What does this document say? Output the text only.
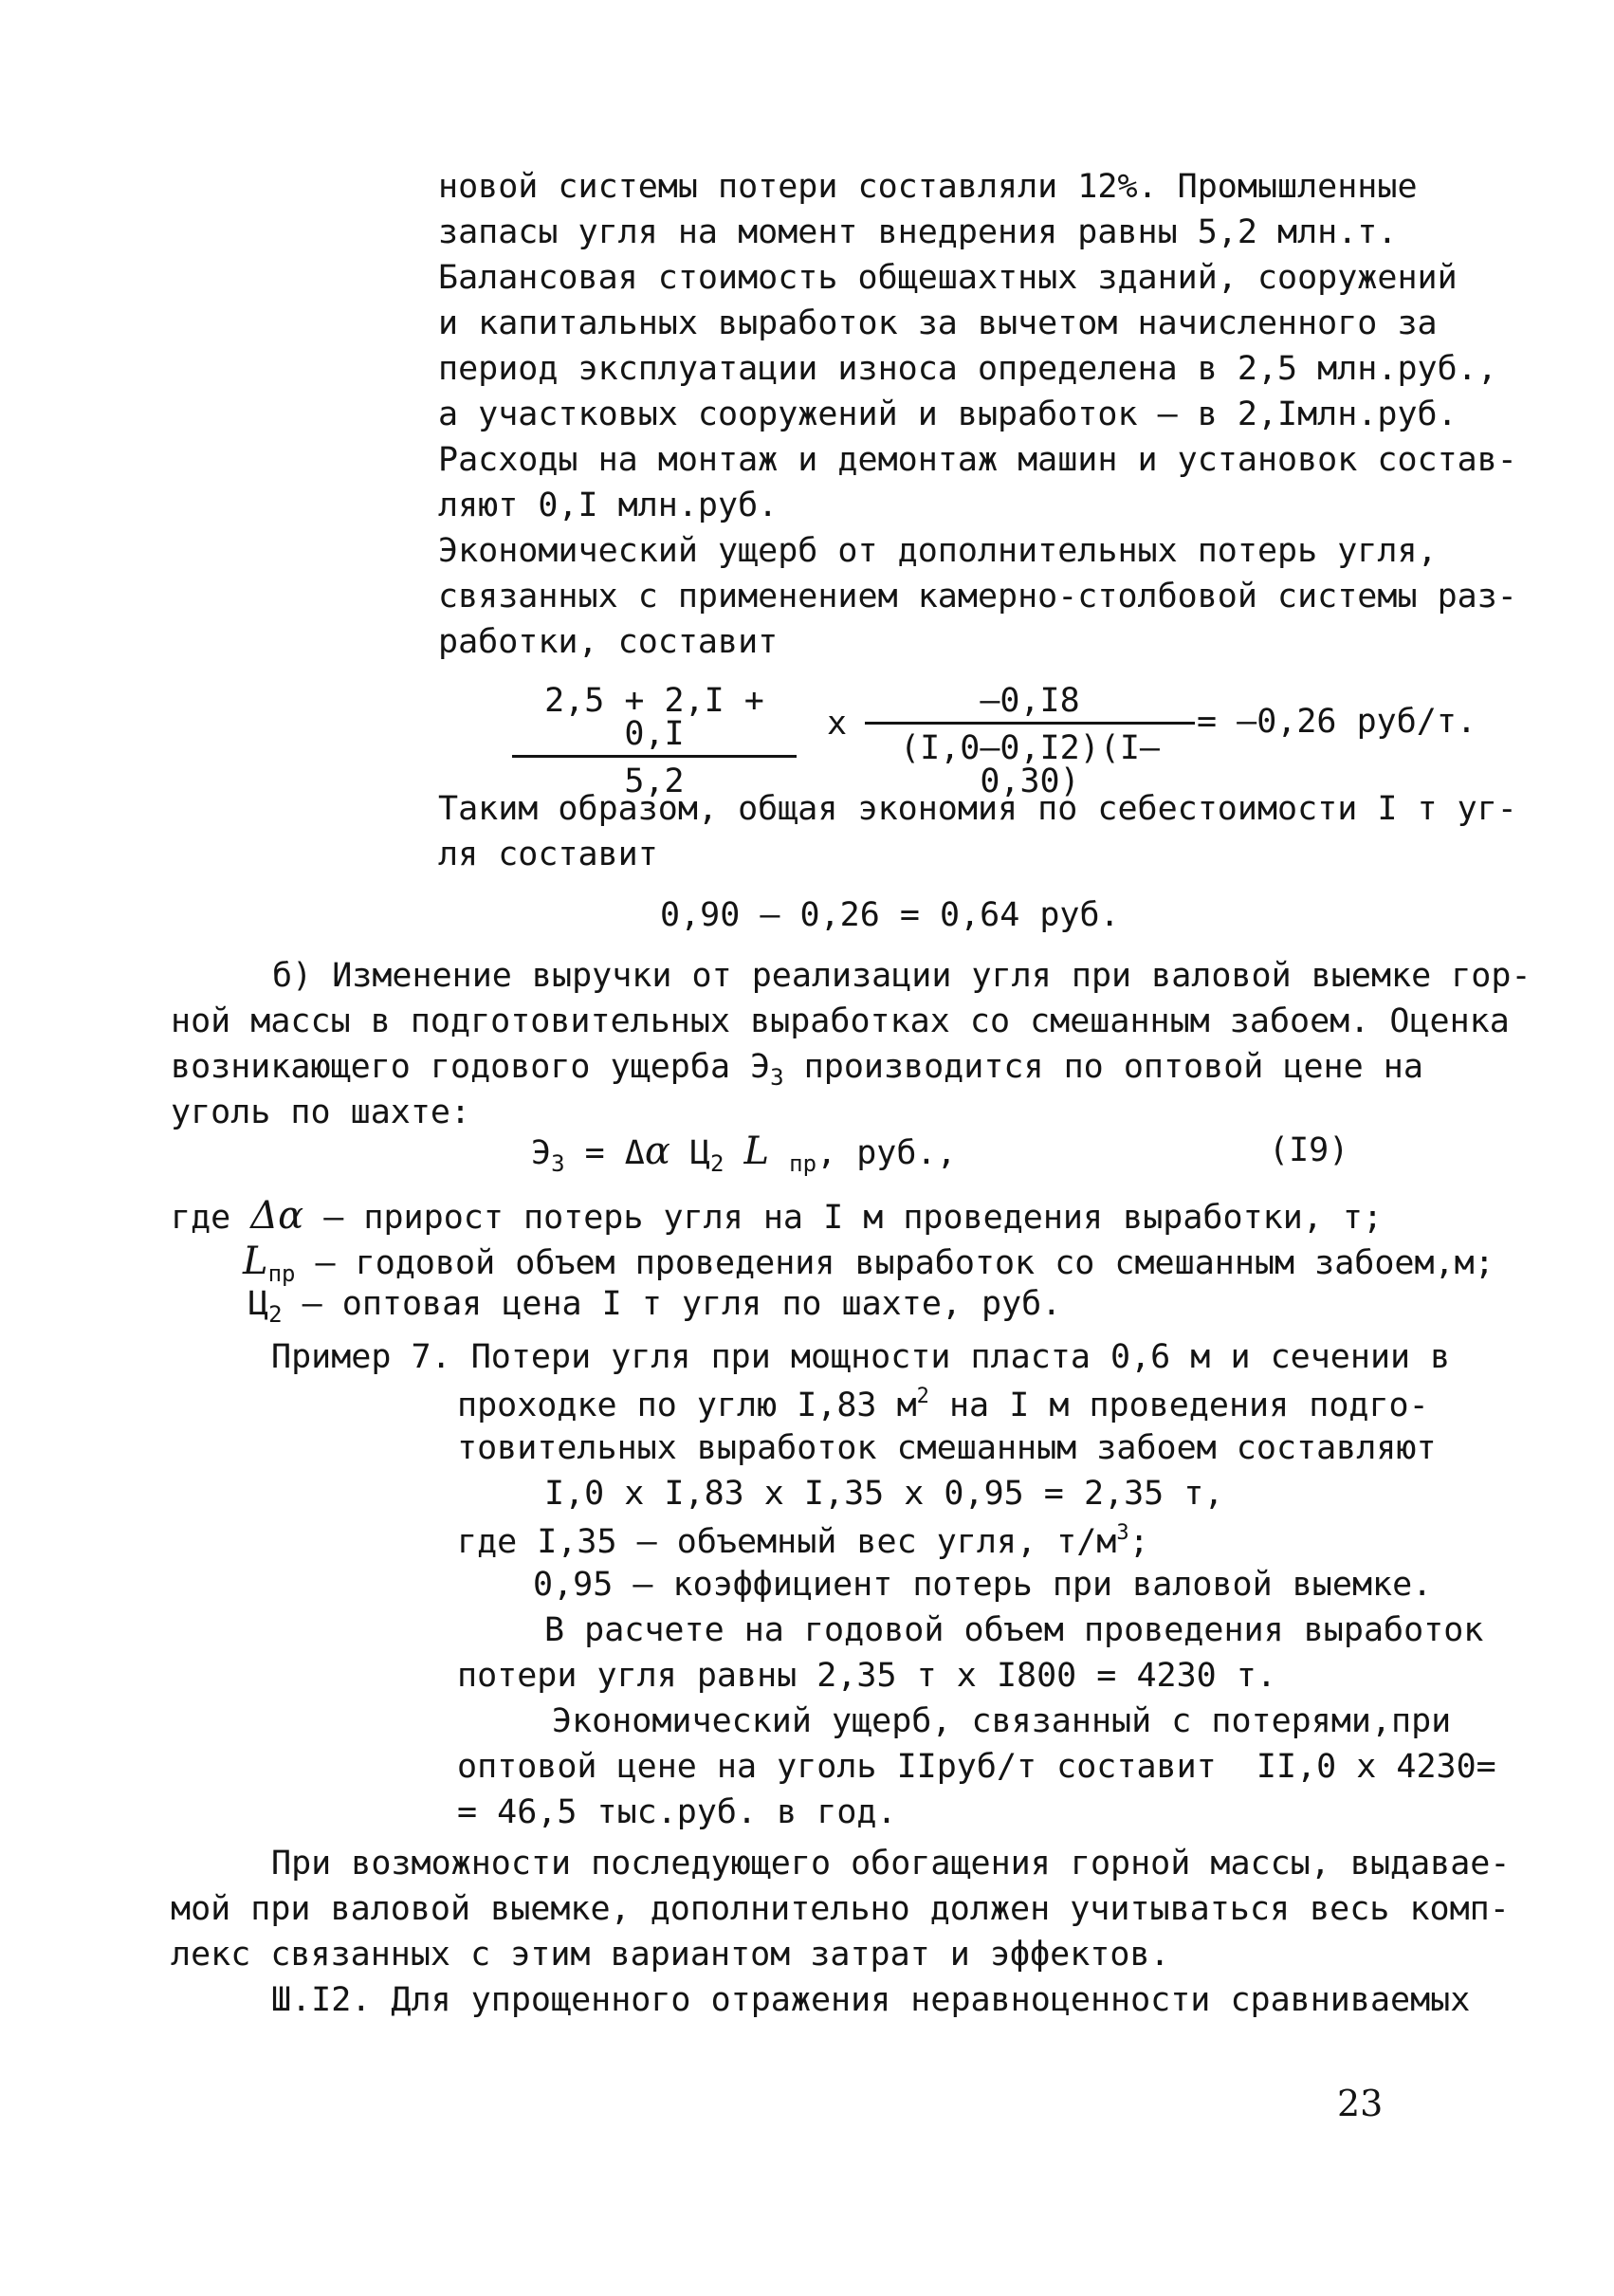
новой системы потери составляли 12%. Промышленные
запасы угля на момент внедрения равны 5,2 млн.т.
Балансовая стоимость общешахтных зданий, сооружений
и капитальных выработок за вычетом начисленного за
период эксплуатации износа определена в 2,5 млн.руб.,
а участковых сооружений и выработок – в 2,Iмлн.руб.
Расходы на монтаж и демонтаж машин и установок состав-
ляют 0,I млн.руб.
Экономический ущерб от дополнительных потерь угля,
связанных с применением камерно-столбовой системы раз-
работки, составит
$\frac{2,5 + 2,I + 0,I}{5,2}$ х $\frac{-0,I8}{(I,0-0,I2)(I-0,30)} = -0,26$ руб/т.
Таким образом, общая экономия по себестоимости I т уг-
ля составит
0,90 – 0,26 = 0,64 руб.
б) Изменение выручки от реализации угля при валовой выемке гор-
ной массы в подготовительных выработках со смешанным забоем. Оценка
возникающего годового ущерба $Э_3$ производится по оптовой цене на
уголь по шахте:
$Э_3 = \Delta\alpha$ $Ц_2$ L $_{пр}$, руб.,	(I9)
где Δα – прирост потерь угля на I м проведения выработки, т;
$L_{пр}$ – годовой объем проведения выработок со смешанным забоем,м;
$Ц_2$ – оптовая цена I т угля по шахте, руб.
Пример 7. Потери угля при мощности пласта 0,6 м и сечении в
проходке по углю I,83 $м^2$ на I м проведения подго-
товительных выработок смешанным забоем составляют
I,0 х I,83 х I,35 х 0,95 = 2,35 т,
где I,35 – объемный вес угля, $т/м^3$;
0,95 – коэффициент потерь при валовой выемке.
В расчете на годовой объем проведения выработок
потери угля равны 2,35 т х I800 = 4230 т.
Экономический ущерб, связанный с потерями,при
оптовой цене на уголь IIруб/т составит  II,0 х 4230=
= 46,5 тыс.руб. в год.
При возможности последующего обогащения горной массы, выдавае-
мой при валовой выемке, дополнительно должен учитываться весь комп-
лекс связанных с этим вариантом затрат и эффектов.
Ш.I2. Для упрощенного отражения неравноценности сравниваемых
23
